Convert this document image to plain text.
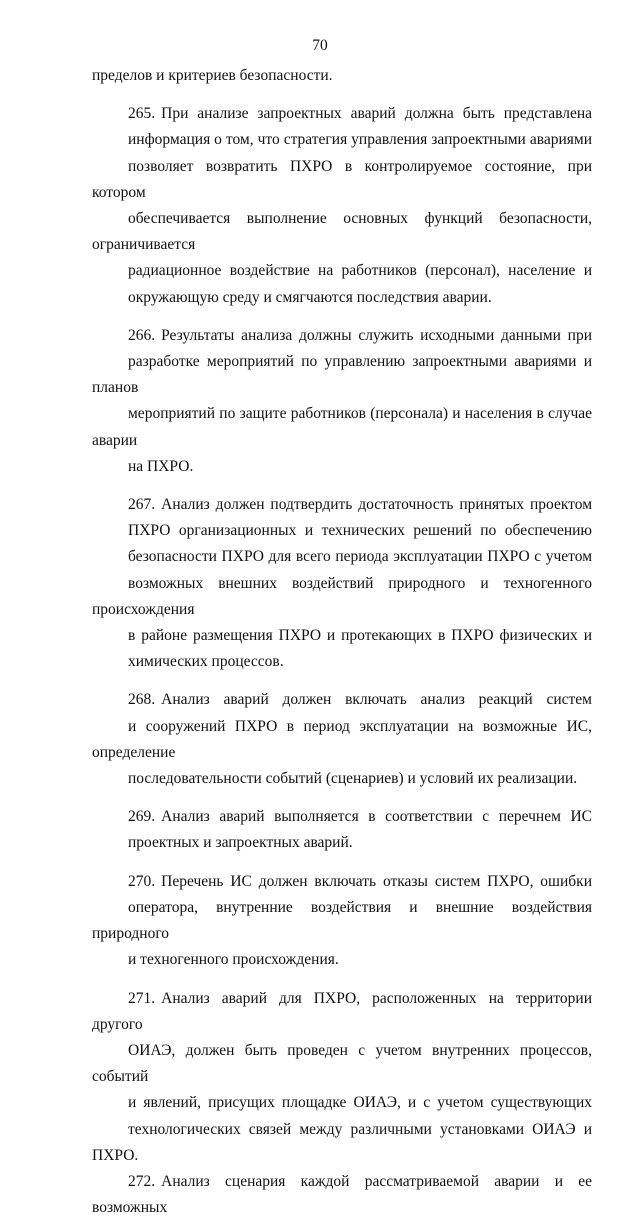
70
пределов и критериев безопасности.
265. При анализе запроектных аварий должна быть представлена
информация о том, что стратегия управления запроектными авариями
позволяет возвратить ПХРО в контролируемое состояние, при котором
обеспечивается выполнение основных функций безопасности, ограничивается
радиационное воздействие на работников (персонал), население и
окружающую среду и смягчаются последствия аварии.
266. Результаты анализа должны служить исходными данными при
разработке мероприятий по управлению запроектными авариями и планов
мероприятий по защите работников (персонала) и населения в случае аварии
на ПХРО.
267. Анализ должен подтвердить достаточность принятых проектом
ПХРО организационных и технических решений по обеспечению
безопасности ПХРО для всего периода эксплуатации ПХРО с учетом
возможных внешних воздействий природного и техногенного происхождения
в районе размещения ПХРО и протекающих в ПХРО физических и
химических процессов.
268. Анализ аварий должен включать анализ реакций систем
и сооружений ПХРО в период эксплуатации на возможные ИС, определение
последовательности событий (сценариев) и условий их реализации.
269. Анализ аварий выполняется в соответствии с перечнем ИС
проектных и запроектных аварий.
270. Перечень ИС должен включать отказы систем ПХРО, ошибки
оператора, внутренние воздействия и внешние воздействия природного
и техногенного происхождения.
271. Анализ аварий для ПХРО, расположенных на территории другого
ОИАЭ, должен быть проведен с учетом внутренних процессов, событий
и явлений, присущих площадке ОИАЭ, и с учетом существующих
технологических связей между различными установками ОИАЭ и ПХРО.
272. Анализ сценария каждой рассматриваемой аварии и ее возможных
